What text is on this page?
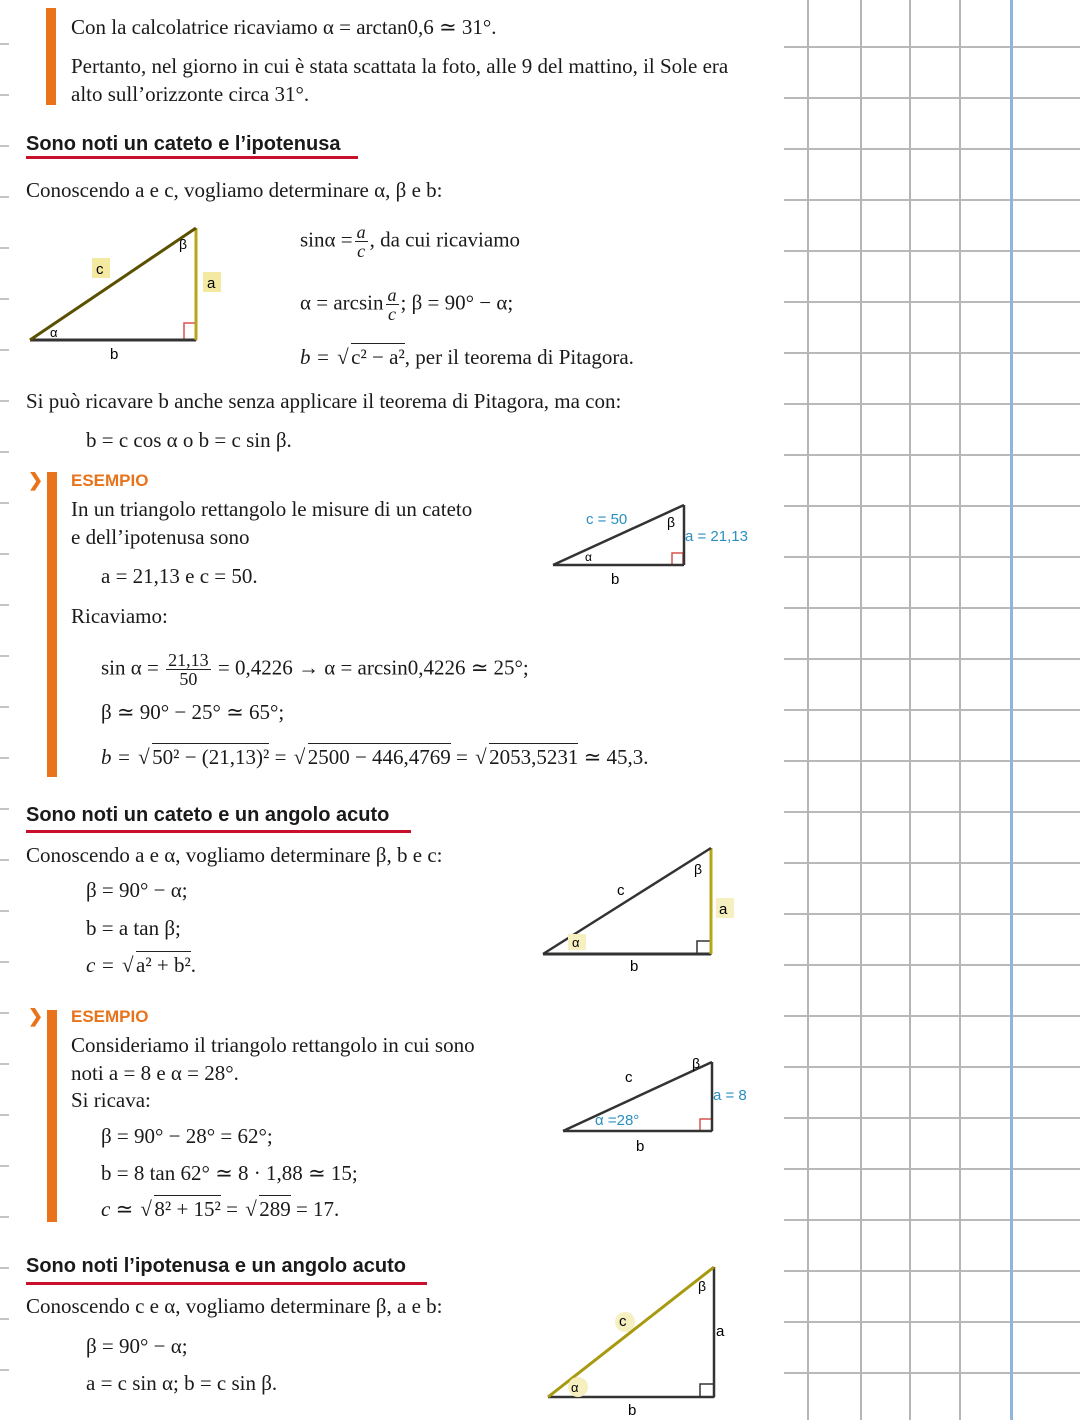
Con la calcolatrice ricaviamo α = arctan0,6 ≃ 31°.
Pertanto, nel giorno in cui è stata scattata la foto, alle 9 del mattino, il Sole era
alto sull’orizzonte circa 31°.
Sono noti un cateto e l’ipotenusa
Conoscendo a e c, vogliamo determinare α, β e b:
c
a
β
α
b
$\sin\alpha = \frac{a}{c}$ , da cui ricaviamo
$\alpha = \arcsin \frac{a}{c}$ ; β = 90° − α;
b = √ c² − a², per il teorema di Pitagora.
Si può ricavare b anche senza applicare il teorema di Pitagora, ma con:
b = c cos α o b = c sin β.
❯ ESEMPIO
In un triangolo rettangolo le misure di un cateto
e dell’ipotenusa sono
a = 21,13 e c = 50.
Ricaviamo:
$\sin \alpha = \frac{21,13}{50} = 0,4226 \to \alpha = \arcsin 0,4226$ ≃ 25°;
β ≃ 90° − 25° ≃ 65°;
b = √ 50² − (21,13)² = √ 2500 − 446,4769 = √ 2053,5231 ≃ 45,3.
c = 50
a = 21,13
β
α
b
Sono noti un cateto e un angolo acuto
Conoscendo a e α, vogliamo determinare β, b e c:
β = 90° − α;
b = a tan β;
c = √ a² + b².
c
a
β
α
b
❯ ESEMPIO
Consideriamo il triangolo rettangolo in cui sono
noti a = 8 e α = 28°.
Si ricava:
β = 90° − 28° = 62°;
b = 8 tan 62° ≃ 8 · 1,88 ≃ 15;
c ≃ √ 8² + 15² = √ 289 = 17.
c
a = 8
β
α =28°
b
Sono noti l’ipotenusa e un angolo acuto
Conoscendo c e α, vogliamo determinare β, a e b:
β = 90° − α;
a = c sin α; b = c sin β.
c
a
β
α
b
